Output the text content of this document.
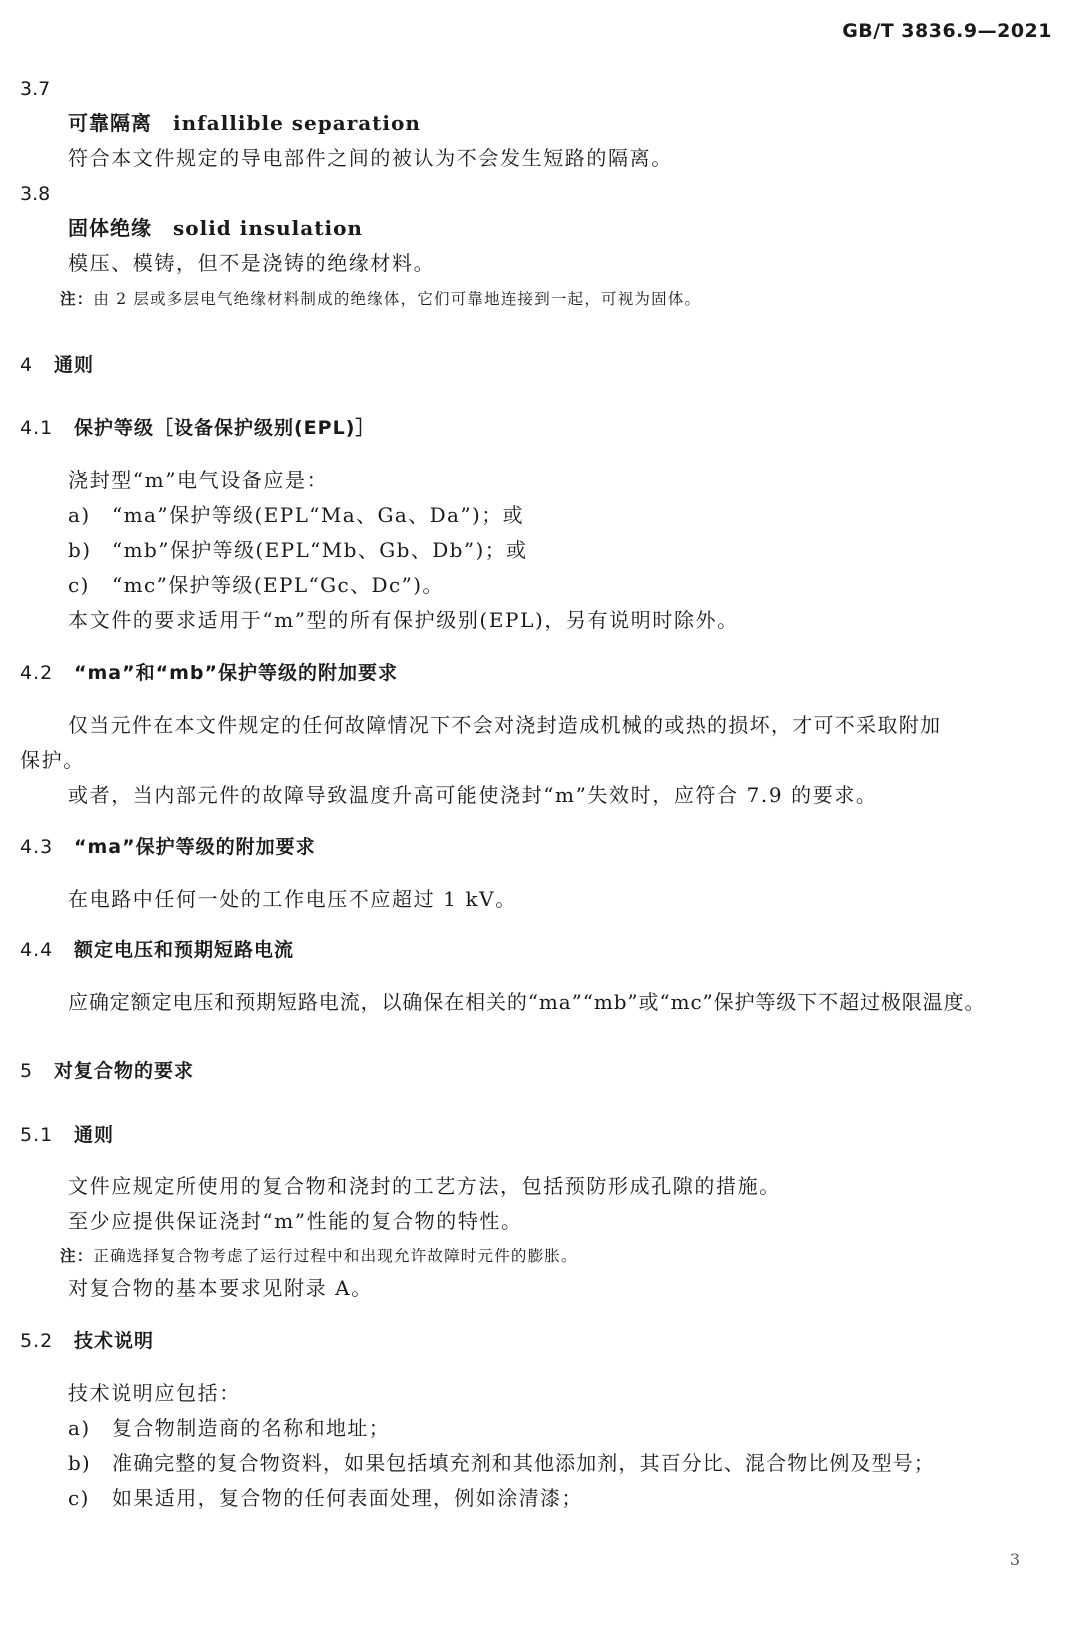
GB/T 3836.9—2021
3.7
可靠隔离　infallible separation
符合本文件规定的导电部件之间的被认为不会发生短路的隔离。
3.8
固体绝缘　solid insulation
模压、模铸，但不是浇铸的绝缘材料。
注：由 2 层或多层电气绝缘材料制成的绝缘体，它们可靠地连接到一起，可视为固体。
4 通则
4.1 保护等级［设备保护级别(EPL)］
浇封型“m”电气设备应是：
a) “ma”保护等级(EPL“Ma、Ga、Da”)；或
b) “mb”保护等级(EPL“Mb、Gb、Db”)；或
c) “mc”保护等级(EPL“Gc、Dc”)。
本文件的要求适用于“m”型的所有保护级别(EPL)，另有说明时除外。
4.2 “ma”和“mb”保护等级的附加要求
仅当元件在本文件规定的任何故障情况下不会对浇封造成机械的或热的损坏，才可不采取附加
保护。
或者，当内部元件的故障导致温度升高可能使浇封“m”失效时，应符合 7.9 的要求。
4.3 “ma”保护等级的附加要求
在电路中任何一处的工作电压不应超过 1 kV。
4.4 额定电压和预期短路电流
应确定额定电压和预期短路电流，以确保在相关的“ma”“mb”或“mc”保护等级下不超过极限温度。
5 对复合物的要求
5.1 通则
文件应规定所使用的复合物和浇封的工艺方法，包括预防形成孔隙的措施。
至少应提供保证浇封“m”性能的复合物的特性。
注：正确选择复合物考虑了运行过程中和出现允许故障时元件的膨胀。
对复合物的基本要求见附录 A。
5.2 技术说明
技术说明应包括：
a) 复合物制造商的名称和地址；
b) 准确完整的复合物资料，如果包括填充剂和其他添加剂，其百分比、混合物比例及型号；
c) 如果适用，复合物的任何表面处理，例如涂清漆；
3
